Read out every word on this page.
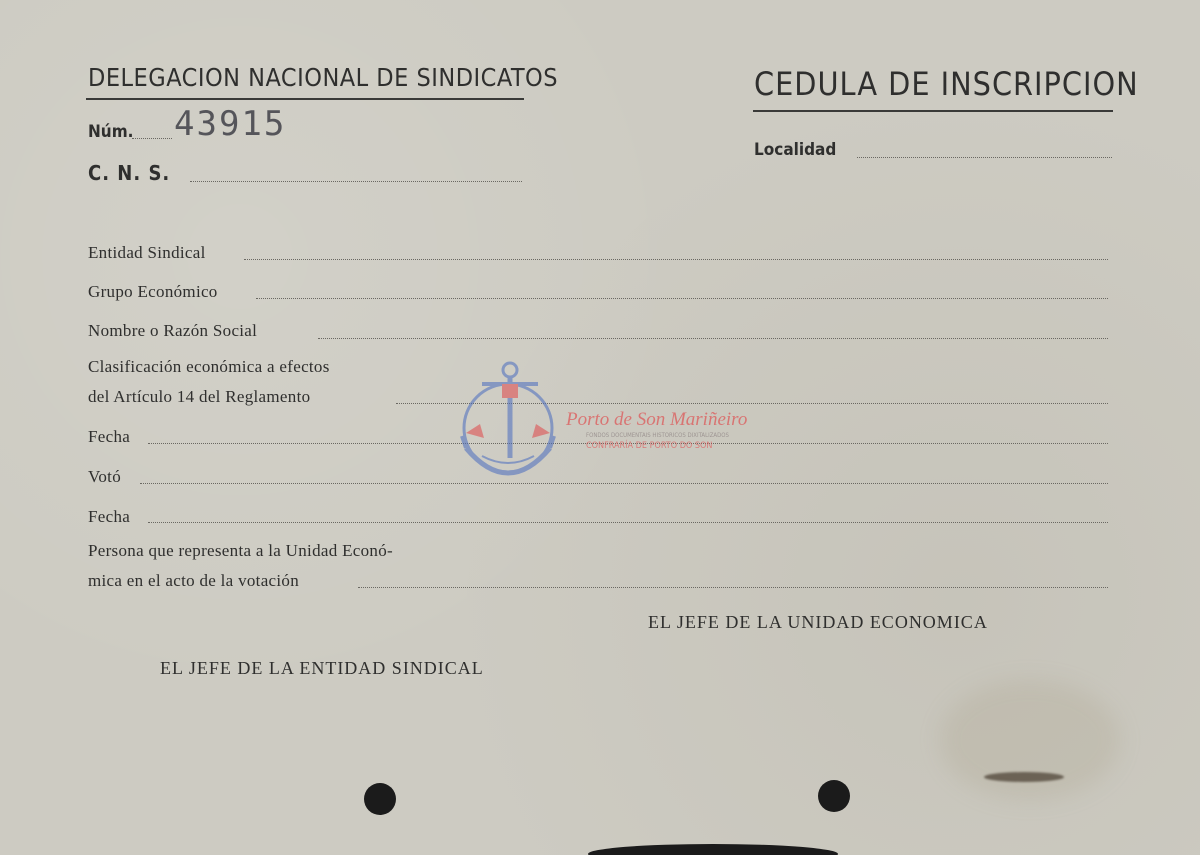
DELEGACION NACIONAL DE SINDICATOS
Núm. 43915
C. N. S.
CEDULA DE INSCRIPCION
Localidad
Entidad Sindical
Grupo Económico
Nombre o Razón Social
Clasificación económica a efectos
del Artículo 14 del Reglamento
Fecha
Votó
Fecha
Persona que representa a la Unidad Econó-
mica en el acto de la votación
EL JEFE DE LA UNIDAD ECONOMICA
EL JEFE DE LA ENTIDAD SINDICAL
Porto de Son Mariñeiro
FONDOS DOCUMENTAIS HISTÓRICOS DIXITALIZADOS
CONFRARÍA DE PORTO DO SON
